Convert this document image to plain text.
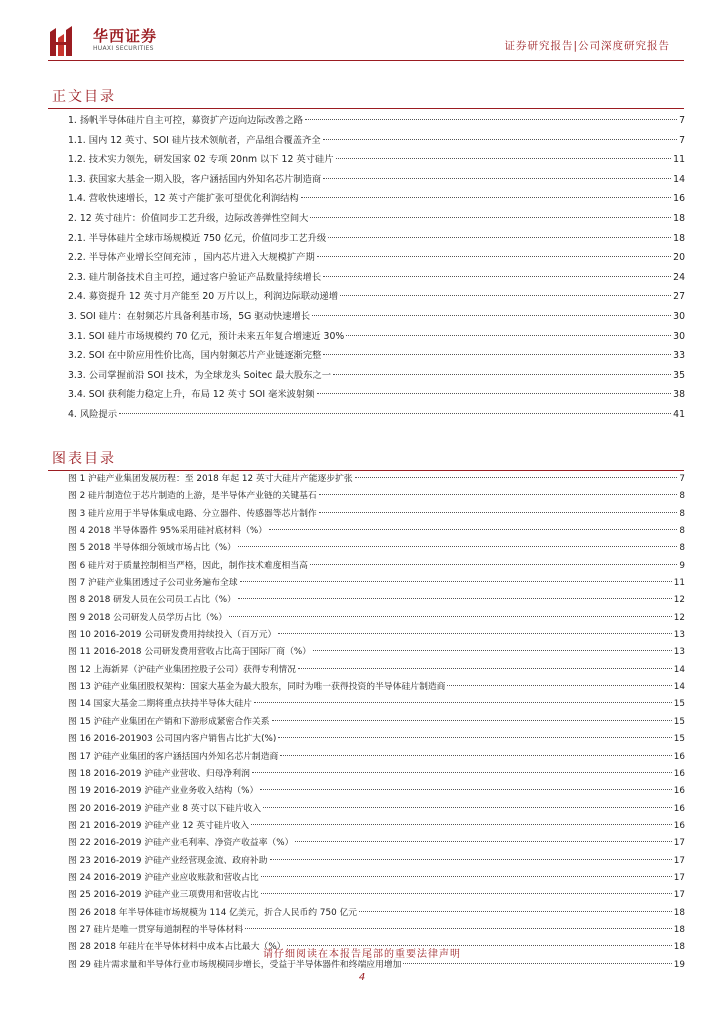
华西证券
HUAXI SECURITIES	证券研究报告|公司深度研究报告
正文目录
1. 扬帆半导体硅片自主可控，募资扩产迈向边际改善之路	7
1.1. 国内 12 英寸、SOI 硅片技术领航者，产品组合覆盖齐全	7
1.2. 技术实力领先，研发国家 02 专项 20nm 以下 12 英寸硅片	11
1.3. 获国家大基金一期入股，客户涵括国内外知名芯片制造商	14
1.4. 营收快速增长，12 英寸产能扩张可望优化利润结构	16
2. 12 英寸硅片：价值同步工艺升级，边际改善弹性空间大	18
2.1. 半导体硅片全球市场规模近 750 亿元，价值同步工艺升级	18
2.2. 半导体产业增长空间充沛 ，国内芯片进入大规模扩产期	20
2.3. 硅片制备技术自主可控，通过客户验证产品数量持续增长	24
2.4. 募资提升 12 英寸月产能至 20 万片以上，利润边际联动递增	27
3. SOI 硅片：在射频芯片具备利基市场，5G 驱动快速增长	30
3.1. SOI 硅片市场规模约 70 亿元，预计未来五年复合增速近 30%	30
3.2. SOI 在中阶应用性价比高，国内射频芯片产业链逐渐完整	33
3.3. 公司掌握前沿 SOI 技术，为全球龙头 Soitec 最大股东之一	35
3.4. SOI 获利能力稳定上升，布局 12 英寸 SOI 毫米波射频	38
4. 风险提示	41
图表目录
图 1 沪硅产业集团发展历程：至 2018 年起 12 英寸大硅片产能逐步扩张	7
图 2 硅片制造位于芯片制造的上游，是半导体产业链的关键基石	8
图 3 硅片应用于半导体集成电路、分立器件、传感器等芯片制作	8
图 4 2018 半导体器件 95%采用硅衬底材料（%）	8
图 5 2018 半导体细分领域市场占比（%）	8
图 6 硅片对于质量控制相当严格，因此，制作技术难度相当高	9
图 7 沪硅产业集团透过子公司业务遍布全球	11
图 8 2018 研发人员在公司员工占比（%）	12
图 9 2018 公司研发人员学历占比（%）	12
图 10 2016-2019 公司研发费用持续投入（百万元）	13
图 11 2016-2018 公司研发费用营收占比高于国际厂商（%）	13
图 12 上海新昇（沪硅产业集团控股子公司）获得专利情况	14
图 13 沪硅产业集团股权架构：国家大基金为最大股东，同时为唯一获得投资的半导体硅片制造商	14
图 14 国家大基金二期将重点扶持半导体大硅片	15
图 15 沪硅产业集团在产销和下游形成紧密合作关系	15
图 16 2016-201903 公司国内客户销售占比扩大(%)	15
图 17 沪硅产业集团的客户涵括国内外知名芯片制造商	16
图 18 2016-2019 沪硅产业营收、归母净利润	16
图 19 2016-2019 沪硅产业业务收入结构（%）	16
图 20 2016-2019 沪硅产业 8 英寸以下硅片收入	16
图 21 2016-2019 沪硅产业 12 英寸硅片收入	16
图 22 2016-2019 沪硅产业毛利率、净资产收益率（%）	17
图 23 2016-2019 沪硅产业经营现金流、政府补助	17
图 24 2016-2019 沪硅产业应收账款和营收占比	17
图 25 2016-2019 沪硅产业三项费用和营收占比	17
图 26 2018 年半导体硅市场规模为 114 亿美元，折合人民币约 750 亿元	18
图 27 硅片是唯一贯穿每道制程的半导体材料	18
图 28 2018 年硅片在半导体材料中成本占比最大（%）	18
图 29 硅片需求量和半导体行业市场规模同步增长，受益于半导体器件和终端应用增加	19
请仔细阅读在本报告尾部的重要法律声明
4
